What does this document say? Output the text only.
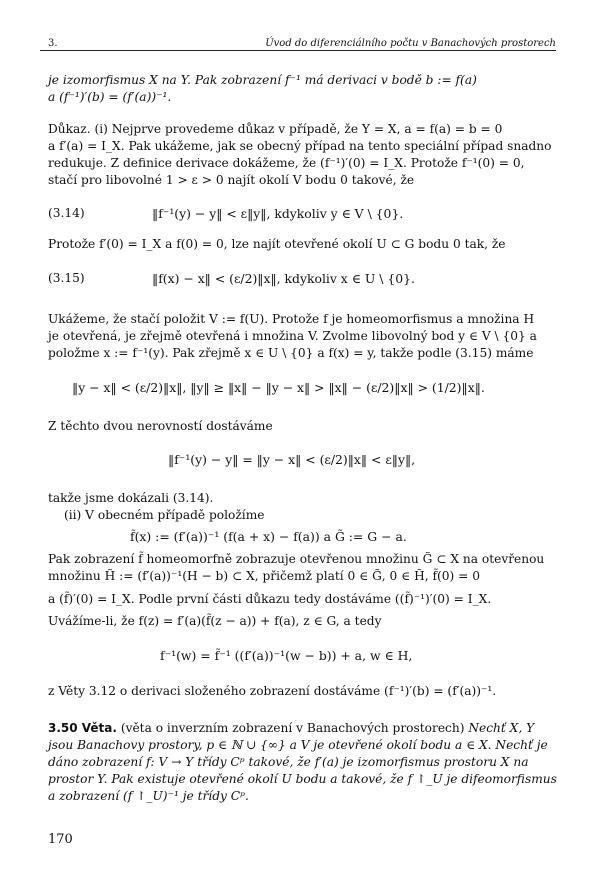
3.	Úvod do diferenciálního počtu v Banachových prostorech
je izomorfismus X na Y. Pak zobrazení f⁻¹ má derivaci v bodě b := f(a)
a (f⁻¹)′(b) = (f′(a))⁻¹.
Důkaz. (i) Nejprve provedeme důkaz v případě, že Y = X, a = f(a) = b = 0
a f′(a) = I_X. Pak ukážeme, jak se obecný případ na tento speciální případ snadno
redukuje. Z definice derivace dokážeme, že (f⁻¹)′(0) = I_X. Protože f⁻¹(0) = 0,
stačí pro libovolné 1 > ε > 0 najít okolí V bodu 0 takové, že
(3.14)	‖f⁻¹(y) − y‖ < ε‖y‖, kdykoliv y ∈ V \ {0}.
Protože f′(0) = I_X a f(0) = 0, lze najít otevřené okolí U ⊂ G bodu 0 tak, že
(3.15)	‖f(x) − x‖ < (ε/2)‖x‖, kdykoliv x ∈ U \ {0}.
Ukážeme, že stačí položit V := f(U). Protože f je homeomorfismus a množina H
je otevřená, je zřejmě otevřená i množina V. Zvolme libovolný bod y ∈ V \ {0} a
položme x := f⁻¹(y). Pak zřejmě x ∈ U \ {0} a f(x) = y, takže podle (3.15) máme
‖y − x‖ < (ε/2)‖x‖, ‖y‖ ≥ ‖x‖ − ‖y − x‖ > ‖x‖ − (ε/2)‖x‖ > (1/2)‖x‖.
Z těchto dvou nerovností dostáváme
‖f⁻¹(y) − y‖ = ‖y − x‖ < (ε/2)‖x‖ < ε‖y‖,
takže jsme dokázali (3.14).
(ii) V obecném případě položíme
f̃(x) := (f′(a))⁻¹ (f(a + x) − f(a)) a G̃ := G − a.
Pak zobrazení f̃ homeomorfně zobrazuje otevřenou množinu G̃ ⊂ X na otevřenou
množinu H̃ := (f′(a))⁻¹(H − b) ⊂ X, přičemž platí 0 ∈ G̃, 0 ∈ H̃, f̃(0) = 0
a (f̃)′(0) = I_X. Podle první části důkazu tedy dostáváme ((f̃)⁻¹)′(0) = I_X.
Uvážíme-li, že f(z) = f′(a)(f̃(z − a)) + f(a), z ∈ G, a tedy
f⁻¹(w) = f̃⁻¹ ((f′(a))⁻¹(w − b)) + a, w ∈ H,
z Věty 3.12 o derivaci složeného zobrazení dostáváme (f⁻¹)′(b) = (f′(a))⁻¹.
3.50 Věta. (věta o inverzním zobrazení v Banachových prostorech) Nechť X, Y
jsou Banachovy prostory, p ∈ ℕ ∪ {∞} a V je otevřené okolí bodu a ∈ X. Nechť je
dáno zobrazení f: V → Y třídy Cᵖ takové, že f′(a) je izomorfismus prostoru X na
prostor Y. Pak existuje otevřené okolí U bodu a takové, že f ↾_U je difeomorfismus
a zobrazení (f ↾_U)⁻¹ je třídy Cᵖ.
170
